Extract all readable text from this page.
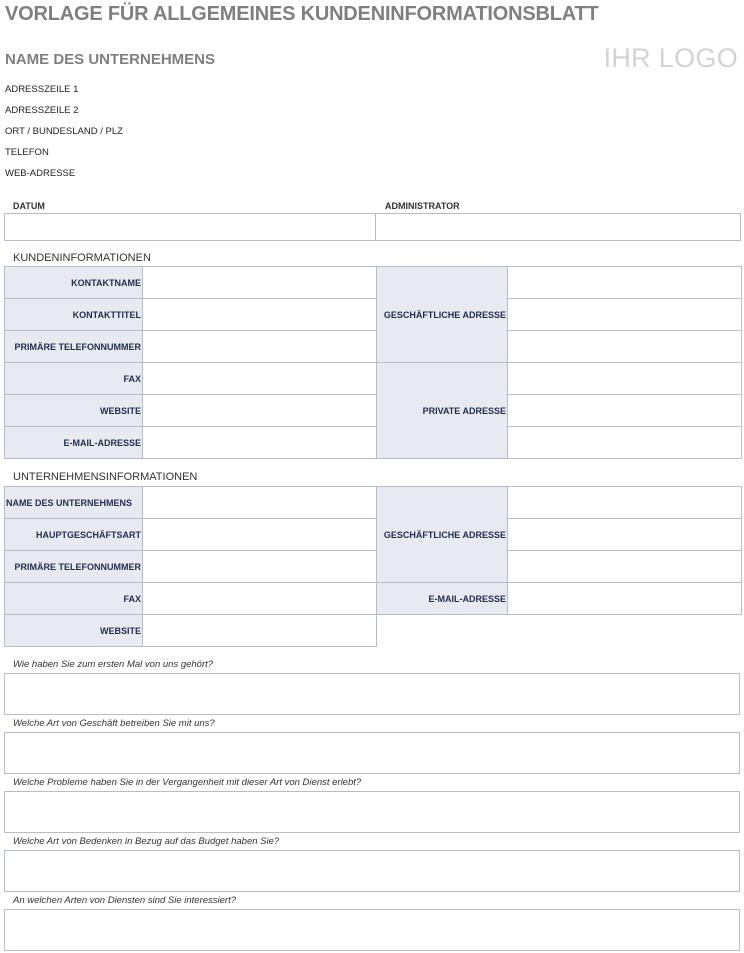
VORLAGE FÜR ALLGEMEINES KUNDENINFORMATIONSBLATT
NAME DES UNTERNEHMENS	IHR LOGO
ADRESSZEILE 1
ADRESSZEILE 2
ORT / BUNDESLAND / PLZ
TELEFON
WEB-ADRESSE
DATUM	ADMINISTRATOR
KUNDENINFORMATIONEN
KONTAKTNAME		GESCHÄFTLICHE ADRESSE	
KONTAKTTITEL			
PRIMÄRE TELEFONNUMMER			
FAX		PRIVATE ADRESSE	
WEBSITE			
E-MAIL-ADRESSE			
UNTERNEHMENSINFORMATIONEN
NAME DES UNTERNEHMENS		GESCHÄFTLICHE ADRESSE	
HAUPTGESCHÄFTSART			
PRIMÄRE TELEFONNUMMER			
FAX		E-MAIL-ADRESSE	
WEBSITE			
Wie haben Sie zum ersten Mal von uns gehört?
Welche Art von Geschäft betreiben Sie mit uns?
Welche Probleme haben Sie in der Vergangenheit mit dieser Art von Dienst erlebt?
Welche Art von Bedenken in Bezug auf das Budget haben Sie?
An welchen Arten von Diensten sind Sie interessiert?
